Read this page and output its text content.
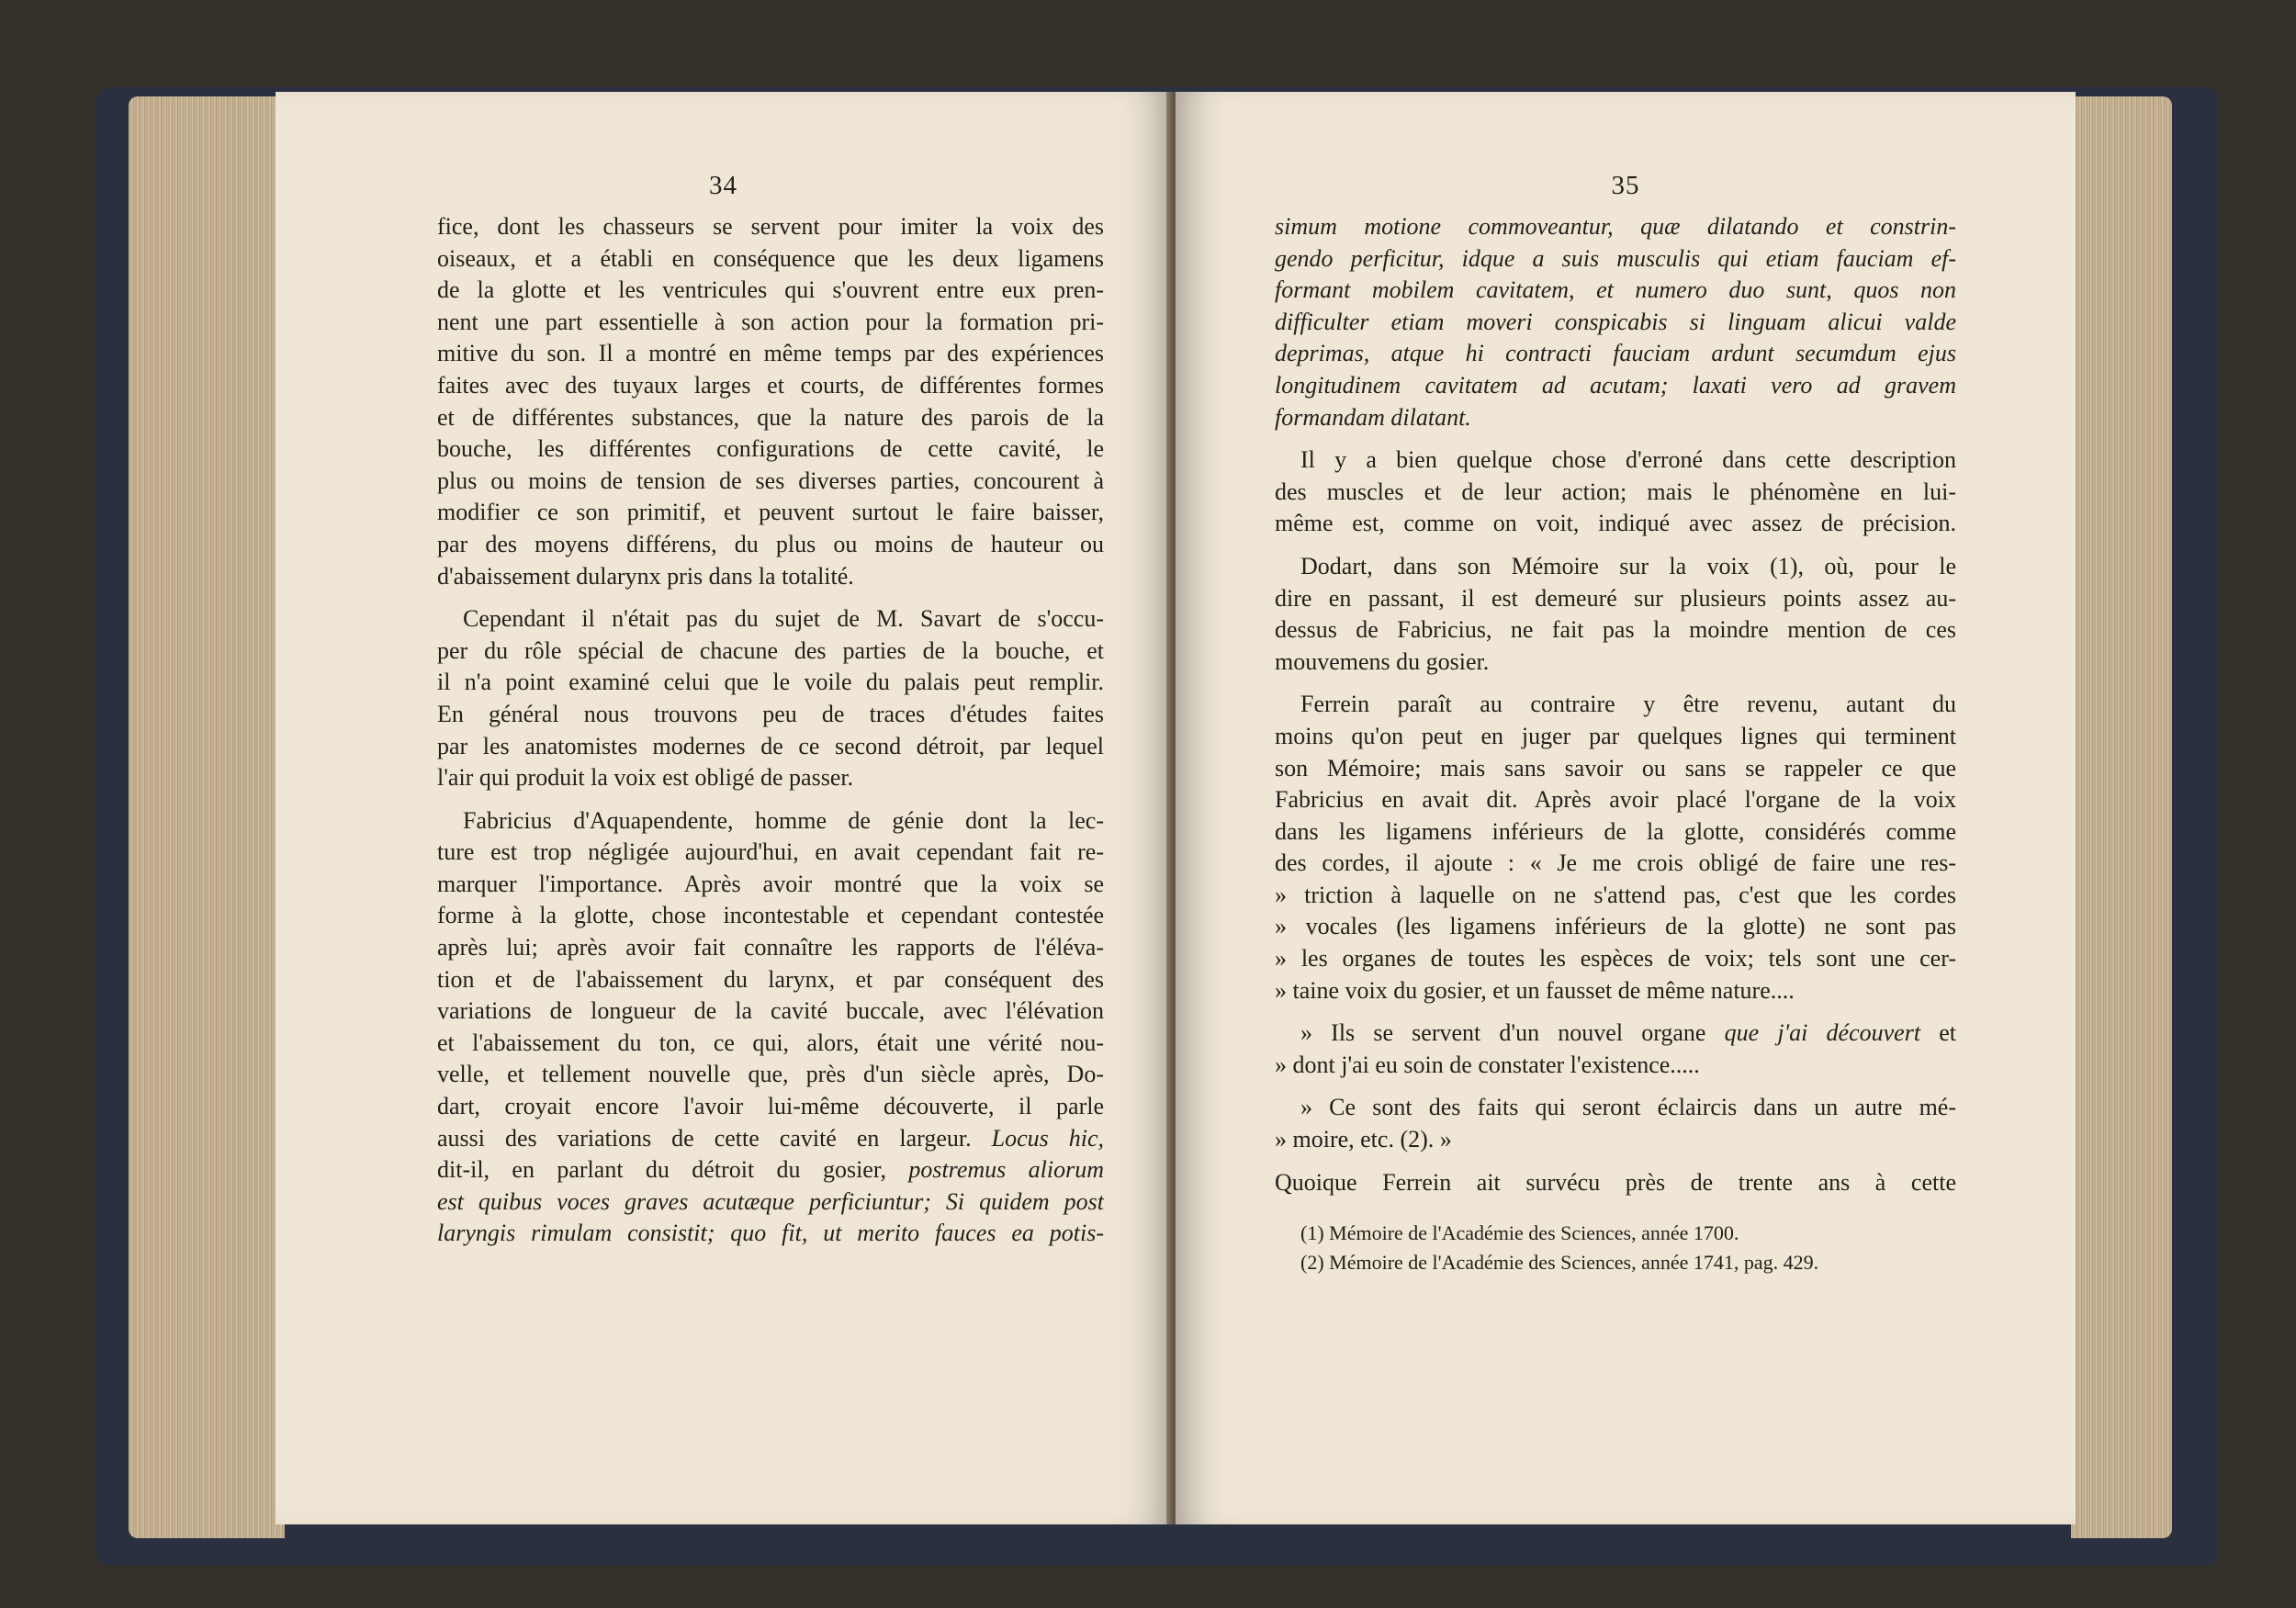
34
fice, dont les chasseurs se servent pour imiter la voix des
oiseaux, et a établi en conséquence que les deux ligamens
de la glotte et les ventricules qui s'ouvrent entre eux pren-
nent une part essentielle à son action pour la formation pri-
mitive du son. Il a montré en même temps par des expériences
faites avec des tuyaux larges et courts, de différentes formes
et de différentes substances, que la nature des parois de la
bouche, les différentes configurations de cette cavité, le
plus ou moins de tension de ses diverses parties, concourent à
modifier ce son primitif, et peuvent surtout le faire baisser,
par des moyens différens, du plus ou moins de hauteur ou
d'abaissement dularynx pris dans la totalité.
Cependant il n'était pas du sujet de M. Savart de s'occu-
per du rôle spécial de chacune des parties de la bouche, et
il n'a point examiné celui que le voile du palais peut remplir.
En général nous trouvons peu de traces d'études faites
par les anatomistes modernes de ce second détroit, par lequel
l'air qui produit la voix est obligé de passer.
Fabricius d'Aquapendente, homme de génie dont la lec-
ture est trop négligée aujourd'hui, en avait cependant fait re-
marquer l'importance. Après avoir montré que la voix se
forme à la glotte, chose incontestable et cependant contestée
après lui; après avoir fait connaître les rapports de l'éléva-
tion et de l'abaissement du larynx, et par conséquent des
variations de longueur de la cavité buccale, avec l'élévation
et l'abaissement du ton, ce qui, alors, était une vérité nou-
velle, et tellement nouvelle que, près d'un siècle après, Do-
dart, croyait encore l'avoir lui-même découverte, il parle
aussi des variations de cette cavité en largeur. Locus hic,
dit-il, en parlant du détroit du gosier, postremus aliorum
est quibus voces graves acutæque perficiuntur; Si quidem post
laryngis rimulam consistit; quo fit, ut merito fauces ea potis-
35
simum motione commoveantur, quæ dilatando et constrin-
gendo perficitur, idque a suis musculis qui etiam fauciam ef-
formant mobilem cavitatem, et numero duo sunt, quos non
difficulter etiam moveri conspicabis si linguam alicui valde
deprimas, atque hi contracti fauciam ardunt secumdum ejus
longitudinem cavitatem ad acutam; laxati vero ad gravem
formandam dilatant.
Il y a bien quelque chose d'erroné dans cette description
des muscles et de leur action; mais le phénomène en lui-
même est, comme on voit, indiqué avec assez de précision.
Dodart, dans son Mémoire sur la voix (1), où, pour le
dire en passant, il est demeuré sur plusieurs points assez au-
dessus de Fabricius, ne fait pas la moindre mention de ces
mouvemens du gosier.
Ferrein paraît au contraire y être revenu, autant du
moins qu'on peut en juger par quelques lignes qui terminent
son Mémoire; mais sans savoir ou sans se rappeler ce que
Fabricius en avait dit. Après avoir placé l'organe de la voix
dans les ligamens inférieurs de la glotte, considérés comme
des cordes, il ajoute : « Je me crois obligé de faire une res-
» triction à laquelle on ne s'attend pas, c'est que les cordes
» vocales (les ligamens inférieurs de la glotte) ne sont pas
» les organes de toutes les espèces de voix; tels sont une cer-
» taine voix du gosier, et un fausset de même nature....
» Ils se servent d'un nouvel organe que j'ai découvert et
» dont j'ai eu soin de constater l'existence.....
» Ce sont des faits qui seront éclaircis dans un autre mé-
» moire, etc. (2). »
Quoique Ferrein ait survécu près de trente ans à cette
(1) Mémoire de l'Académie des Sciences, année 1700.
(2) Mémoire de l'Académie des Sciences, année 1741, pag. 429.
